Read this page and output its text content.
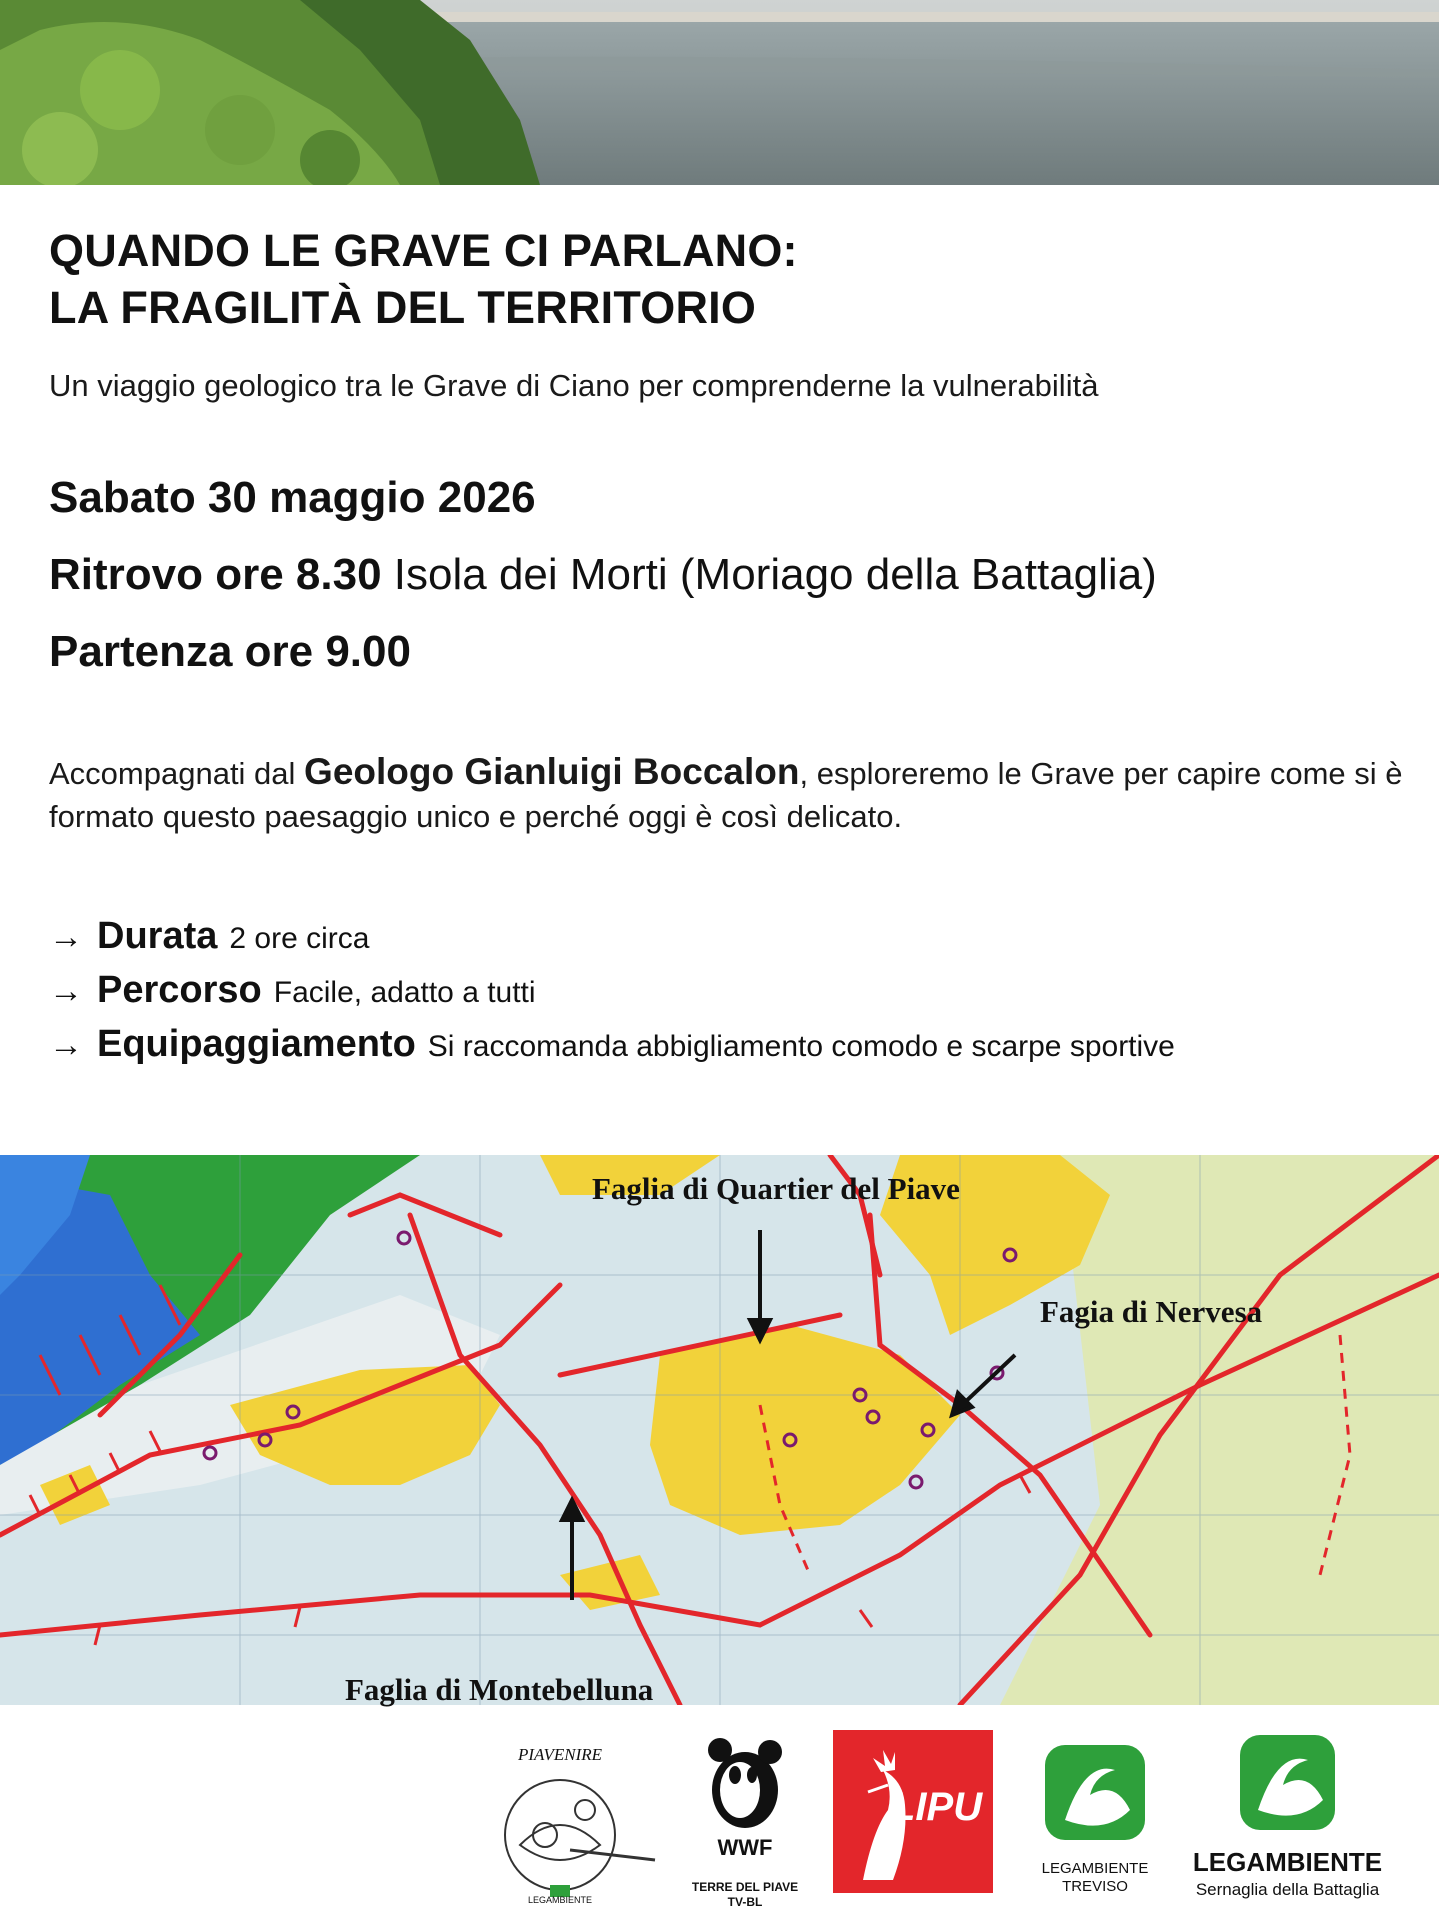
QUANDO LE GRAVE CI PARLANO:
LA FRAGILITÀ DEL TERRITORIO

Un viaggio geologico tra le Grave di Ciano per comprenderne la vulnerabilità

Sabato 30 maggio 2026

Ritrovo ore 8.30 Isola dei Morti (Moriago della Battaglia)

Partenza ore 9.00

Accompagnati dal Geologo Gianluigi Boccalon, esploreremo le Grave per capire come si è formato questo paesaggio unico e perché oggi è così delicato.

→ Durata 2 ore circa
→ Percorso Facile, adatto a tutti
→ Equipaggiamento Si raccomanda abbigliamento comodo e scarpe sportive
Faglia di Quartier del Piave
Fagia di Nervesa
Faglia di Montebelluna
PIAVENIRE
LEGAMBIENTE
WWF
TERRE DEL PIAVE
TV-BL
LIPU
LEGAMBIENTE
TREVISO
LEGAMBIENTE
Sernaglia della Battaglia
